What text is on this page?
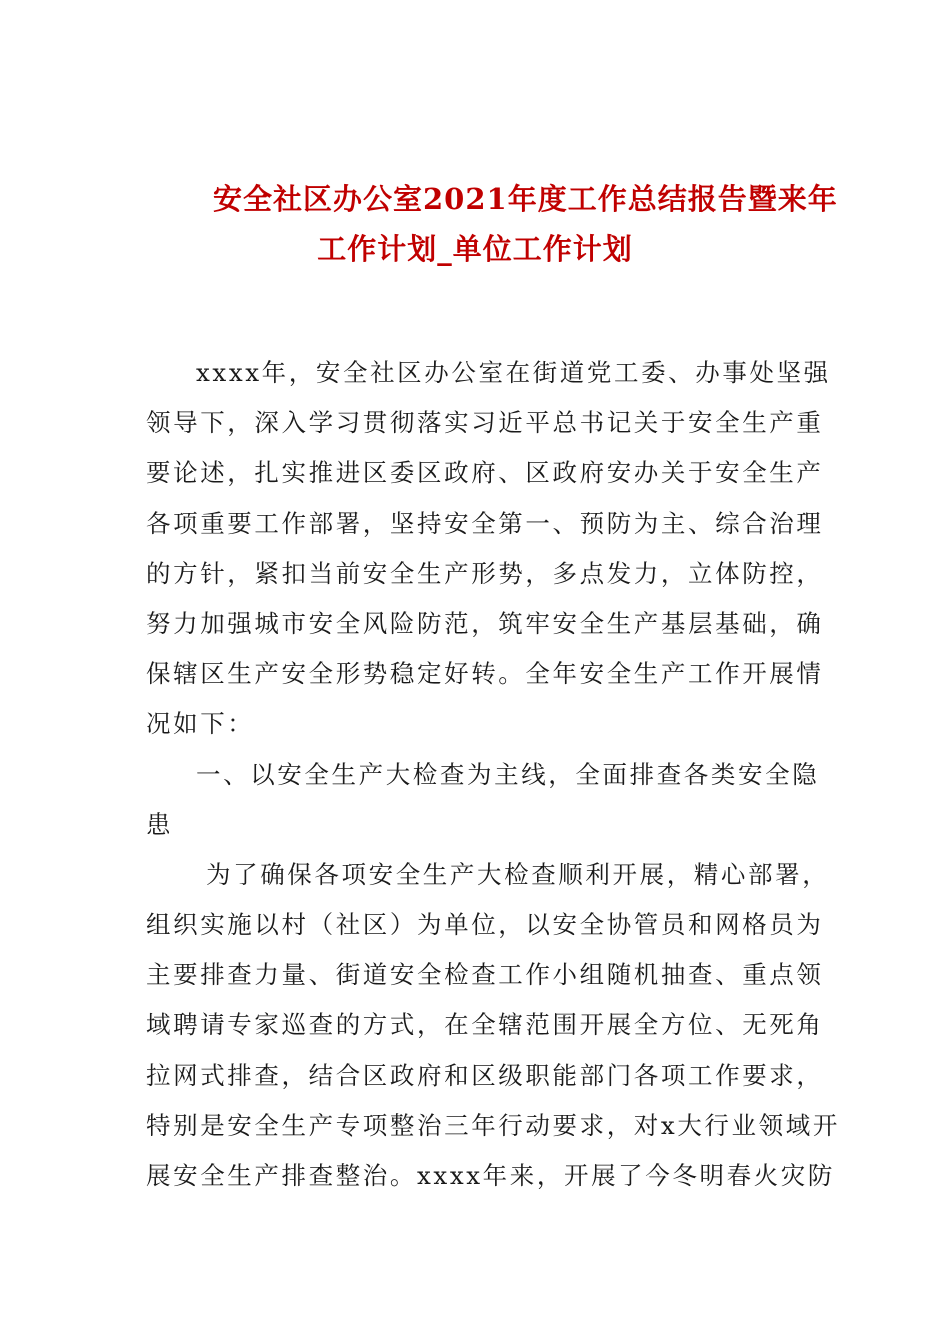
安全社区办公室2021年度工作总结报告暨来年
工作计划_单位工作计划
xxxx年，安全社区办公室在街道党工委、办事处坚强
领导下，深入学习贯彻落实习近平总书记关于安全生产重
要论述，扎实推进区委区政府、区政府安办关于安全生产
各项重要工作部署，坚持安全第一、预防为主、综合治理
的方针，紧扣当前安全生产形势，多点发力，立体防控，
努力加强城市安全风险防范，筑牢安全生产基层基础，确
保辖区生产安全形势稳定好转。全年安全生产工作开展情
况如下：
一、以安全生产大检查为主线，全面排查各类安全隐
患
为了确保各项安全生产大检查顺利开展，精心部署，
组织实施以村（社区）为单位，以安全协管员和网格员为
主要排查力量、街道安全检查工作小组随机抽查、重点领
域聘请专家巡查的方式，在全辖范围开展全方位、无死角
拉网式排查，结合区政府和区级职能部门各项工作要求，
特别是安全生产专项整治三年行动要求，对x大行业领域开
展安全生产排查整治。xxxx年来，开展了今冬明春火灾防
